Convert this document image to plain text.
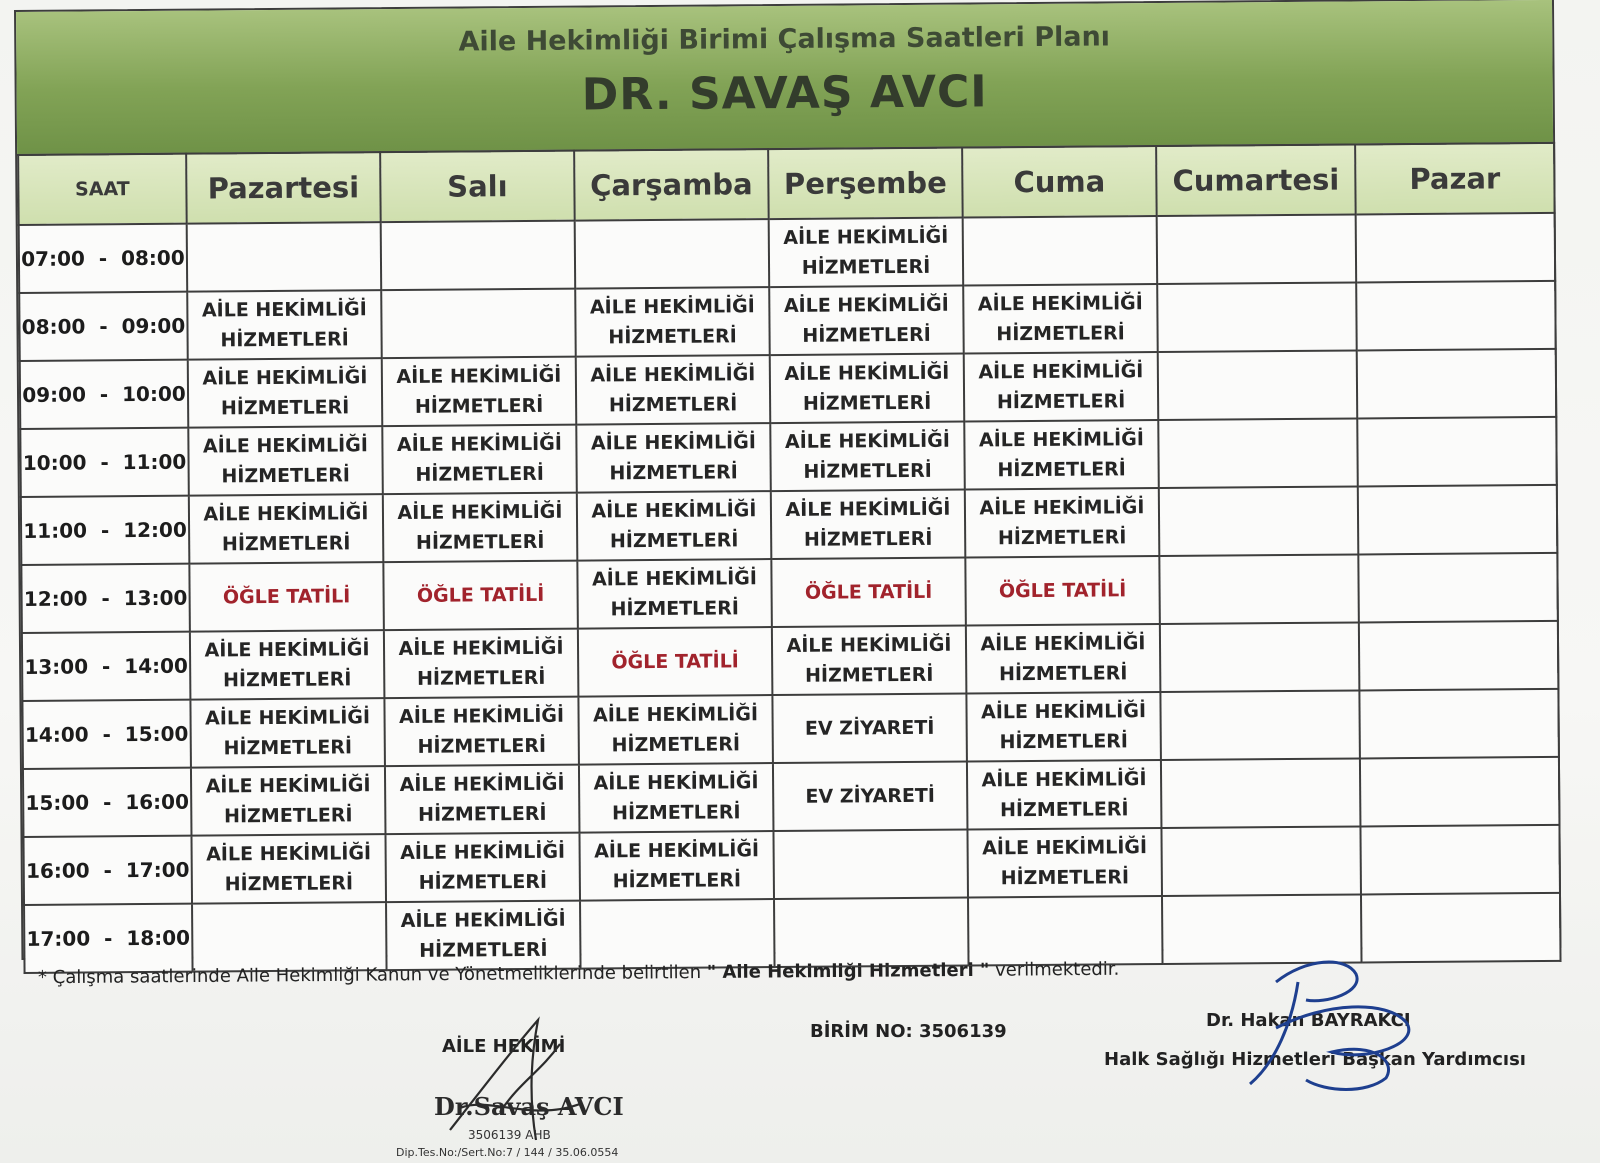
Aile Hekimliği Birimi Çalışma Saatleri Planı
DR. SAVAŞ AVCI
SAAT	Pazartesi	Salı	Çarşamba	Perşembe	Cuma	Cumartesi	Pazar
07:00  -  08:00				AİLE HEKİMLİĞİ HİZMETLERİ			
08:00  -  09:00	AİLE HEKİMLİĞİ HİZMETLERİ		AİLE HEKİMLİĞİ HİZMETLERİ	AİLE HEKİMLİĞİ HİZMETLERİ	AİLE HEKİMLİĞİ HİZMETLERİ		
09:00  -  10:00	AİLE HEKİMLİĞİ HİZMETLERİ	AİLE HEKİMLİĞİ HİZMETLERİ	AİLE HEKİMLİĞİ HİZMETLERİ	AİLE HEKİMLİĞİ HİZMETLERİ	AİLE HEKİMLİĞİ HİZMETLERİ		
10:00  -  11:00	AİLE HEKİMLİĞİ HİZMETLERİ	AİLE HEKİMLİĞİ HİZMETLERİ	AİLE HEKİMLİĞİ HİZMETLERİ	AİLE HEKİMLİĞİ HİZMETLERİ	AİLE HEKİMLİĞİ HİZMETLERİ		
11:00  -  12:00	AİLE HEKİMLİĞİ HİZMETLERİ	AİLE HEKİMLİĞİ HİZMETLERİ	AİLE HEKİMLİĞİ HİZMETLERİ	AİLE HEKİMLİĞİ HİZMETLERİ	AİLE HEKİMLİĞİ HİZMETLERİ		
12:00  -  13:00	ÖĞLE TATİLİ	ÖĞLE TATİLİ	AİLE HEKİMLİĞİ HİZMETLERİ	ÖĞLE TATİLİ	ÖĞLE TATİLİ		
13:00  -  14:00	AİLE HEKİMLİĞİ HİZMETLERİ	AİLE HEKİMLİĞİ HİZMETLERİ	ÖĞLE TATİLİ	AİLE HEKİMLİĞİ HİZMETLERİ	AİLE HEKİMLİĞİ HİZMETLERİ		
14:00  -  15:00	AİLE HEKİMLİĞİ HİZMETLERİ	AİLE HEKİMLİĞİ HİZMETLERİ	AİLE HEKİMLİĞİ HİZMETLERİ	EV ZİYARETİ	AİLE HEKİMLİĞİ HİZMETLERİ		
15:00  -  16:00	AİLE HEKİMLİĞİ HİZMETLERİ	AİLE HEKİMLİĞİ HİZMETLERİ	AİLE HEKİMLİĞİ HİZMETLERİ	EV ZİYARETİ	AİLE HEKİMLİĞİ HİZMETLERİ		
16:00  -  17:00	AİLE HEKİMLİĞİ HİZMETLERİ	AİLE HEKİMLİĞİ HİZMETLERİ	AİLE HEKİMLİĞİ HİZMETLERİ		AİLE HEKİMLİĞİ HİZMETLERİ		
17:00  -  18:00		AİLE HEKİMLİĞİ HİZMETLERİ					
* Çalışma saatlerinde Aile Hekimliği Kanun ve Yönetmeliklerinde belirtilen " Aile Hekimliği Hizmetleri " verilmektedir.
BİRİM NO: 3506139
AİLE HEKİMİ
Dr.Savaş AVCI
3506139 AHB
Dip.Tes.No:/Sert.No:7 / 144 / 35.06.0554
Dr. Hakan BAYRAKCI
Halk Sağlığı Hizmetleri Başkan Yardımcısı
